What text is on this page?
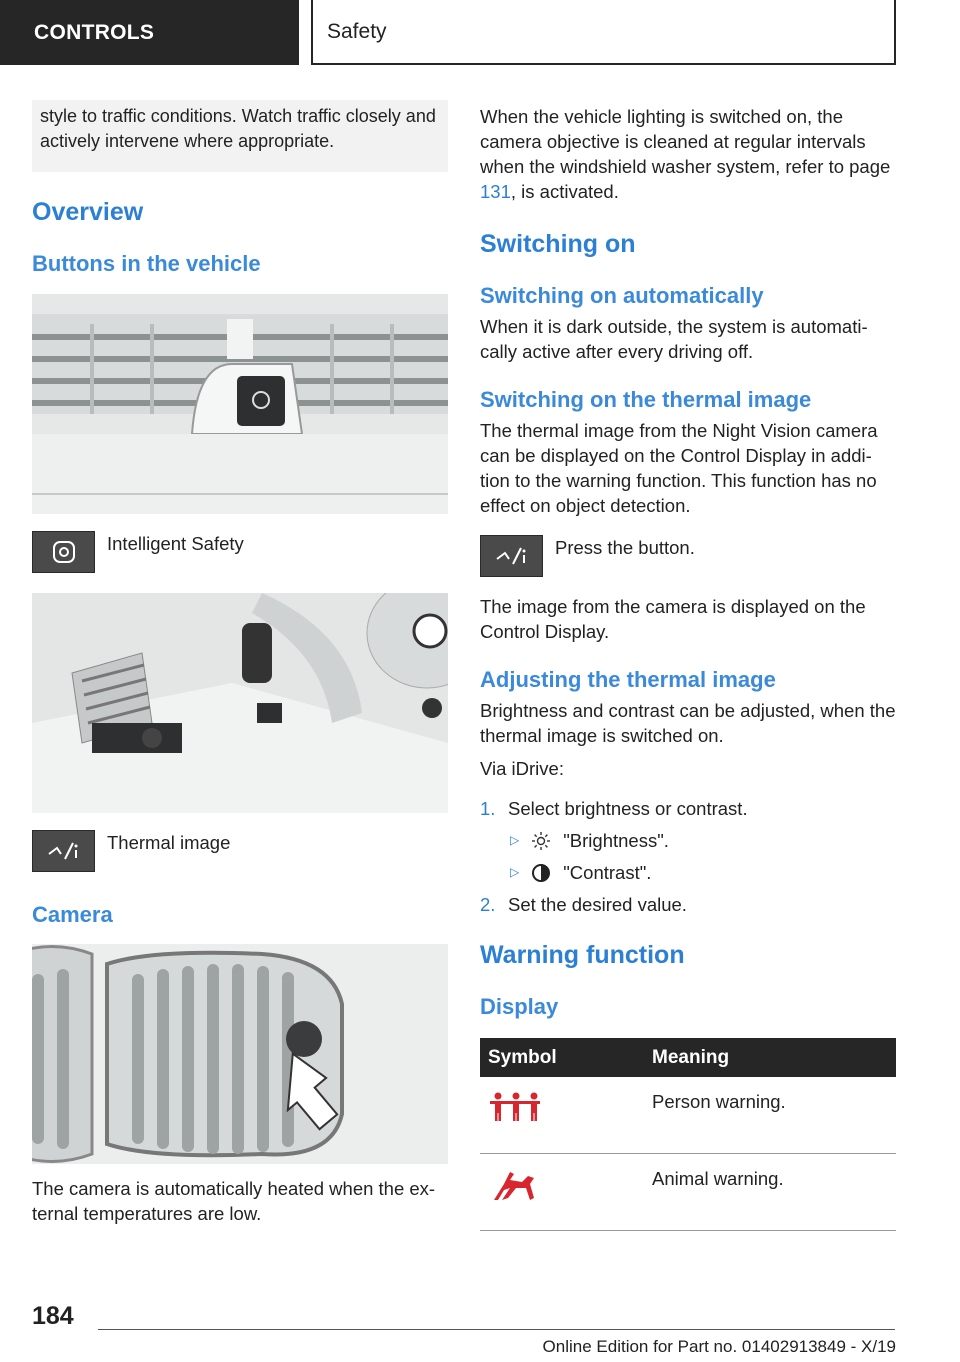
CONTROLS	Safety
style to traffic conditions. Watch traffic closely and actively intervene where appropriate.
Overview
Buttons in the vehicle

Intelligent Safety

Thermal image

Camera

The camera is automatically heated when the ex-ternal temperatures are low.

When the vehicle lighting is switched on, the camera objective is cleaned at regular intervals when the windshield washer system, refer to page 131, is activated.

Switching on
Switching on automatically

When it is dark outside, the system is automati-cally active after every driving off.

Switching on the thermal image

The thermal image from the Night Vision camera can be displayed on the Control Display in addi-tion to the warning function. This function has no effect on object detection.

Press the button.

The image from the camera is displayed on the Control Display.

Adjusting the thermal image

Brightness and contrast can be adjusted, when the thermal image is switched on.

Via iDrive:

1. Select brightness or contrast.
▷ "Brightness".
▷ "Contrast".
2. Set the desired value.
Warning function
Display
Symbol	Meaning
	Person warning.
	Animal warning.
184
Online Edition for Part no. 01402913849 - X/19
